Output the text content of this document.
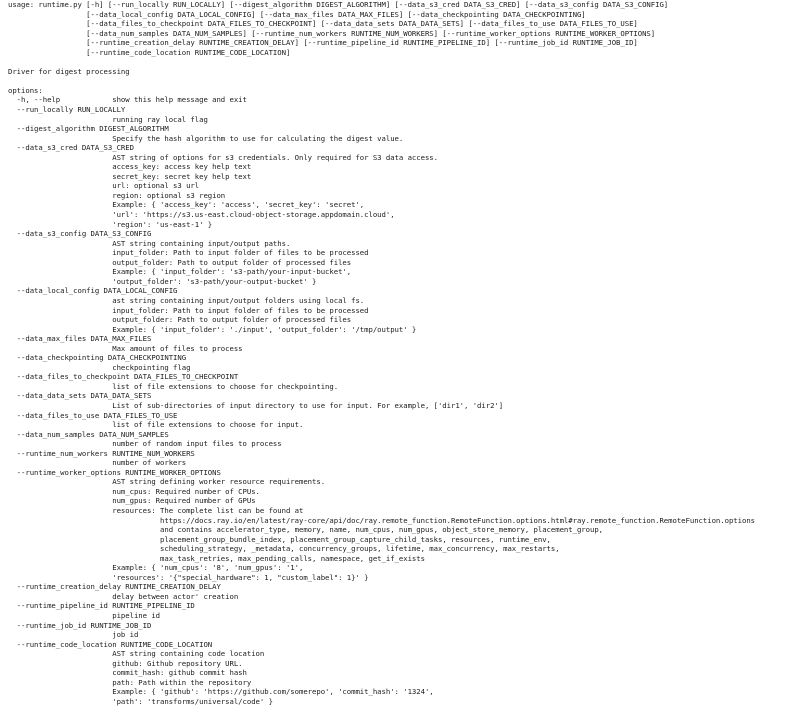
usage: runtime.py [-h] [--run_locally RUN_LOCALLY] [--digest_algorithm DIGEST_ALGORITHM] [--data_s3_cred DATA_S3_CRED] [--data_s3_config DATA_S3_CONFIG]
[--data_local_config DATA_LOCAL_CONFIG] [--data_max_files DATA_MAX_FILES] [--data_checkpointing DATA_CHECKPOINTING]
[--data_files_to_checkpoint DATA_FILES_TO_CHECKPOINT] [--data_data_sets DATA_DATA_SETS] [--data_files_to_use DATA_FILES_TO_USE]
[--data_num_samples DATA_NUM_SAMPLES] [--runtime_num_workers RUNTIME_NUM_WORKERS] [--runtime_worker_options RUNTIME_WORKER_OPTIONS]
[--runtime_creation_delay RUNTIME_CREATION_DELAY] [--runtime_pipeline_id RUNTIME_PIPELINE_ID] [--runtime_job_id RUNTIME_JOB_ID]
[--runtime_code_location RUNTIME_CODE_LOCATION]
Driver for digest processing
options:
-h, --help            show this help message and exit
--run_locally RUN_LOCALLY
running ray local flag
--digest_algorithm DIGEST_ALGORITHM
Specify the hash algorithm to use for calculating the digest value.
--data_s3_cred DATA_S3_CRED
AST string of options for s3 credentials. Only required for S3 data access.
access_key: access key help text
secret_key: secret key help text
url: optional s3 url
region: optional s3 region
Example: { 'access_key': 'access', 'secret_key': 'secret',
'url': 'https://s3.us-east.cloud-object-storage.appdomain.cloud',
'region': 'us-east-1' }
--data_s3_config DATA_S3_CONFIG
AST string containing input/output paths.
input_folder: Path to input folder of files to be processed
output_folder: Path to output folder of processed files
Example: { 'input_folder': 's3-path/your-input-bucket',
'output_folder': 's3-path/your-output-bucket' }
--data_local_config DATA_LOCAL_CONFIG
ast string containing input/output folders using local fs.
input_folder: Path to input folder of files to be processed
output_folder: Path to output folder of processed files
Example: { 'input_folder': './input', 'output_folder': '/tmp/output' }
--data_max_files DATA_MAX_FILES
Max amount of files to process
--data_checkpointing DATA_CHECKPOINTING
checkpointing flag
--data_files_to_checkpoint DATA_FILES_TO_CHECKPOINT
list of file extensions to choose for checkpointing.
--data_data_sets DATA_DATA_SETS
List of sub-directories of input directory to use for input. For example, ['dir1', 'dir2']
--data_files_to_use DATA_FILES_TO_USE
list of file extensions to choose for input.
--data_num_samples DATA_NUM_SAMPLES
number of random input files to process
--runtime_num_workers RUNTIME_NUM_WORKERS
number of workers
--runtime_worker_options RUNTIME_WORKER_OPTIONS
AST string defining worker resource requirements.
num_cpus: Required number of CPUs.
num_gpus: Required number of GPUs
resources: The complete list can be found at
https://docs.ray.io/en/latest/ray-core/api/doc/ray.remote_function.RemoteFunction.options.html#ray.remote_function.RemoteFunction.options
and contains accelerator_type, memory, name, num_cpus, num_gpus, object_store_memory, placement_group,
placement_group_bundle_index, placement_group_capture_child_tasks, resources, runtime_env,
scheduling_strategy, _metadata, concurrency_groups, lifetime, max_concurrency, max_restarts,
max_task_retries, max_pending_calls, namespace, get_if_exists
Example: { 'num_cpus': '8', 'num_gpus': '1',
'resources': '{"special_hardware": 1, "custom_label": 1}' }
--runtime_creation_delay RUNTIME_CREATION_DELAY
delay between actor' creation
--runtime_pipeline_id RUNTIME_PIPELINE_ID
pipeline id
--runtime_job_id RUNTIME_JOB_ID
job id
--runtime_code_location RUNTIME_CODE_LOCATION
AST string containing code location
github: Github repository URL.
commit_hash: github commit hash
path: Path within the repository
Example: { 'github': 'https://github.com/somerepo', 'commit_hash': '1324',
'path': 'transforms/universal/code' }
